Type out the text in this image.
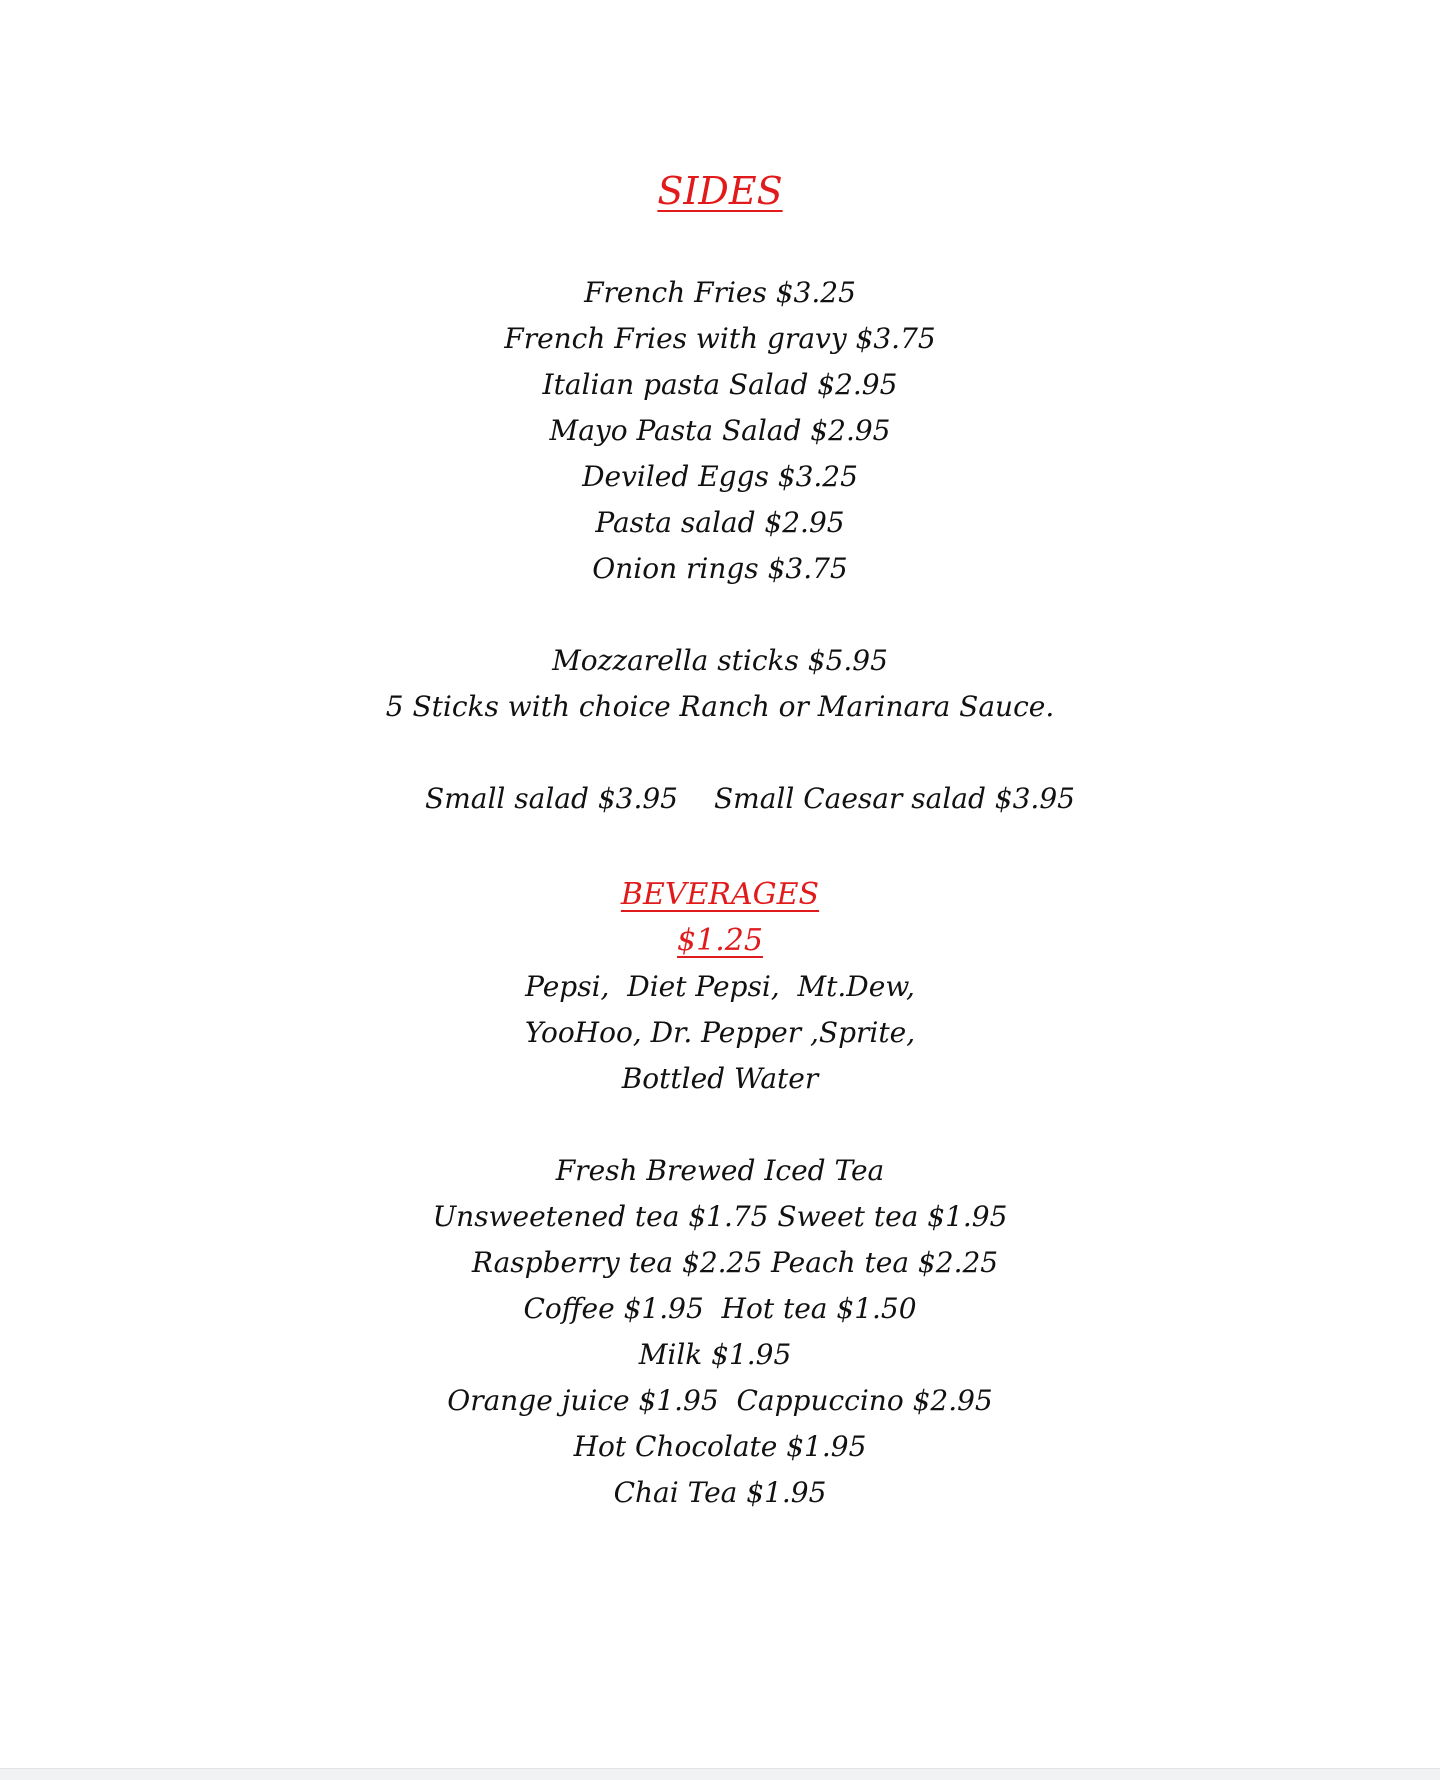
SIDES
French Fries $3.25
French Fries with gravy $3.75
Italian pasta Salad $2.95
Mayo Pasta Salad $2.95
Deviled Eggs $3.25
Pasta salad $2.95
Onion rings $3.75
Mozzarella sticks $5.95
5 Sticks with choice Ranch or Marinara Sauce.
Small salad $3.95 Small Caesar salad $3.95
BEVERAGES
$1.25
Pepsi,  Diet Pepsi,  Mt.Dew,
YooHoo, Dr. Pepper ,Sprite,
Bottled Water
Fresh Brewed Iced Tea
Unsweetened tea $1.75 Sweet tea $1.95
Raspberry tea $2.25 Peach tea $2.25
Coffee $1.95  Hot tea $1.50
Milk $1.95
Orange juice $1.95  Cappuccino $2.95
Hot Chocolate $1.95
Chai Tea $1.95
